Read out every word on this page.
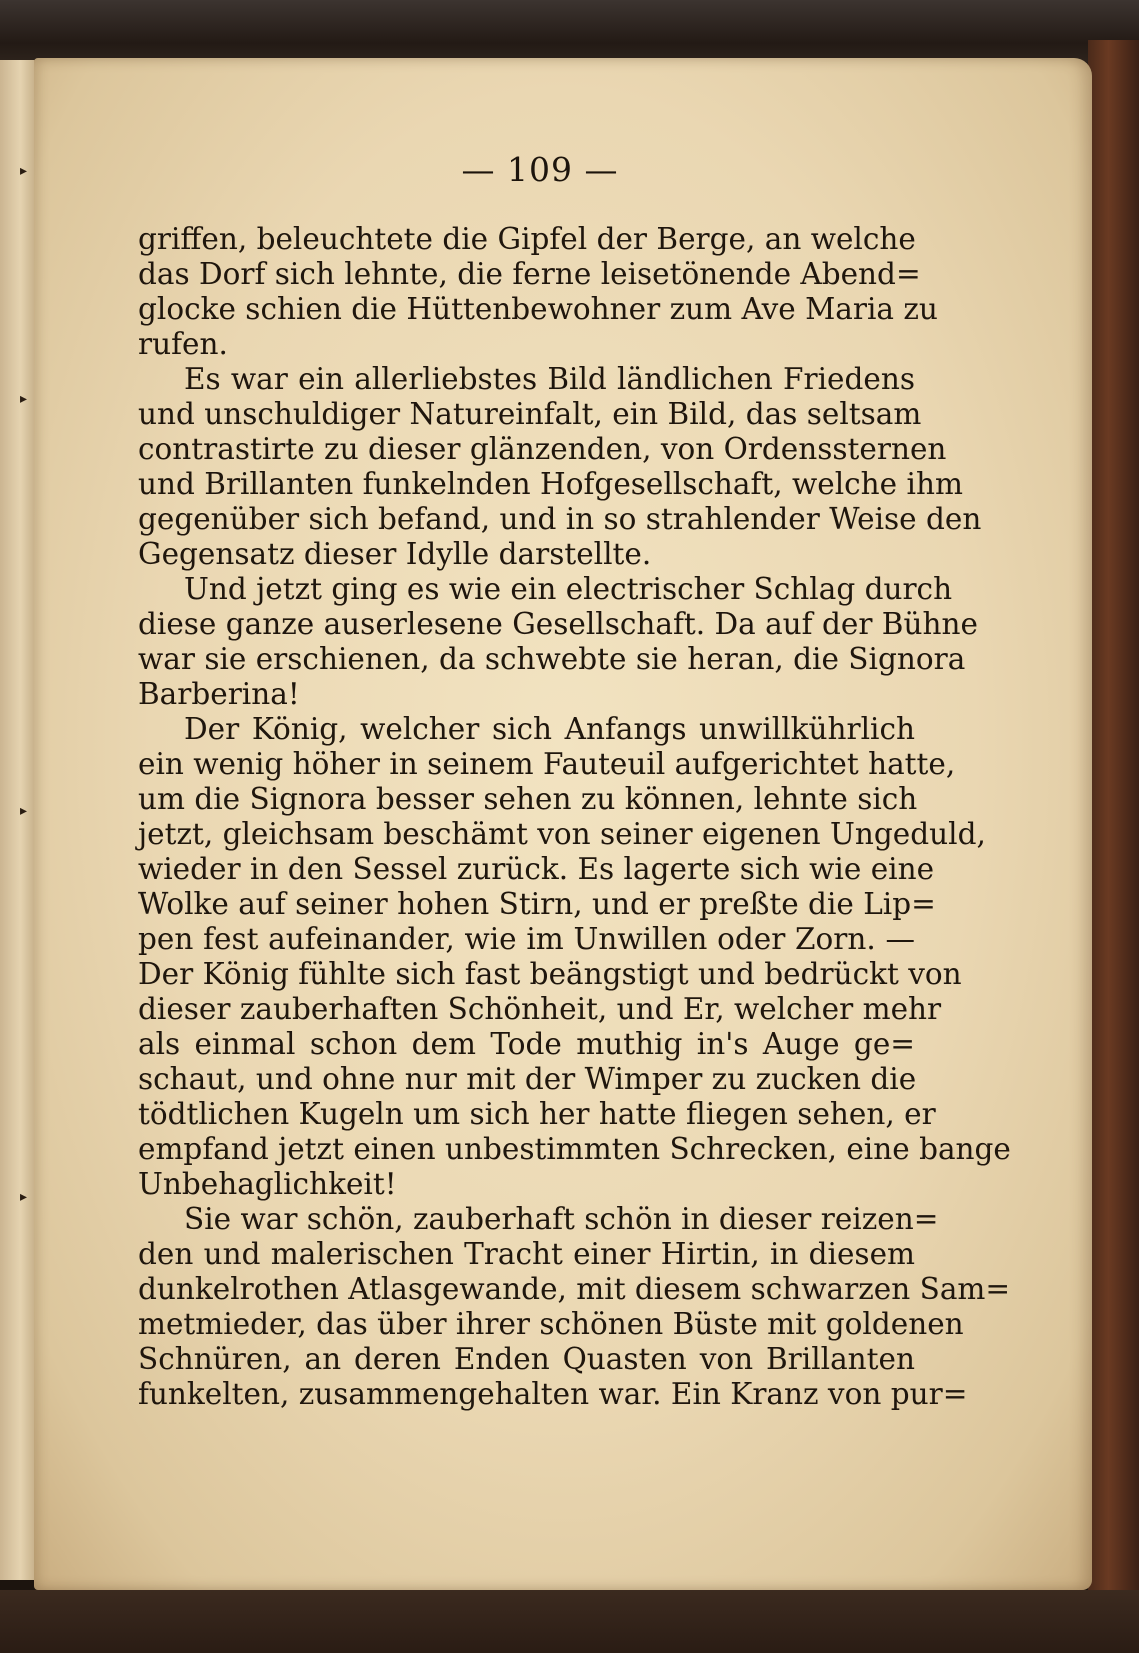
▸
▸
▸
▸
— 109 —
griffen, beleuchtete die Gipfel der Berge, an welche
das Dorf sich lehnte, die ferne leisetönende Abend=
glocke schien die Hüttenbewohner zum Ave Maria zu
rufen.
Es war ein allerliebstes Bild ländlichen Friedens
und unschuldiger Natureinfalt, ein Bild, das seltsam
contrastirte zu dieser glänzenden, von Ordenssternen
und Brillanten funkelnden Hofgesellschaft, welche ihm
gegenüber sich befand, und in so strahlender Weise den
Gegensatz dieser Idylle darstellte.
Und jetzt ging es wie ein electrischer Schlag durch
diese ganze auserlesene Gesellschaft. Da auf der Bühne
war sie erschienen, da schwebte sie heran, die Signora
Barberina!
Der König, welcher sich Anfangs unwillkührlich
ein wenig höher in seinem Fauteuil aufgerichtet hatte,
um die Signora besser sehen zu können, lehnte sich
jetzt, gleichsam beschämt von seiner eigenen Ungeduld,
wieder in den Sessel zurück. Es lagerte sich wie eine
Wolke auf seiner hohen Stirn, und er preßte die Lip=
pen fest aufeinander, wie im Unwillen oder Zorn. —
Der König fühlte sich fast beängstigt und bedrückt von
dieser zauberhaften Schönheit, und Er, welcher mehr
als einmal schon dem Tode muthig in's Auge ge=
schaut, und ohne nur mit der Wimper zu zucken die
tödtlichen Kugeln um sich her hatte fliegen sehen, er
empfand jetzt einen unbestimmten Schrecken, eine bange
Unbehaglichkeit!
Sie war schön, zauberhaft schön in dieser reizen=
den und malerischen Tracht einer Hirtin, in diesem
dunkelrothen Atlasgewande, mit diesem schwarzen Sam=
metmieder, das über ihrer schönen Büste mit goldenen
Schnüren, an deren Enden Quasten von Brillanten
funkelten, zusammengehalten war. Ein Kranz von pur=
